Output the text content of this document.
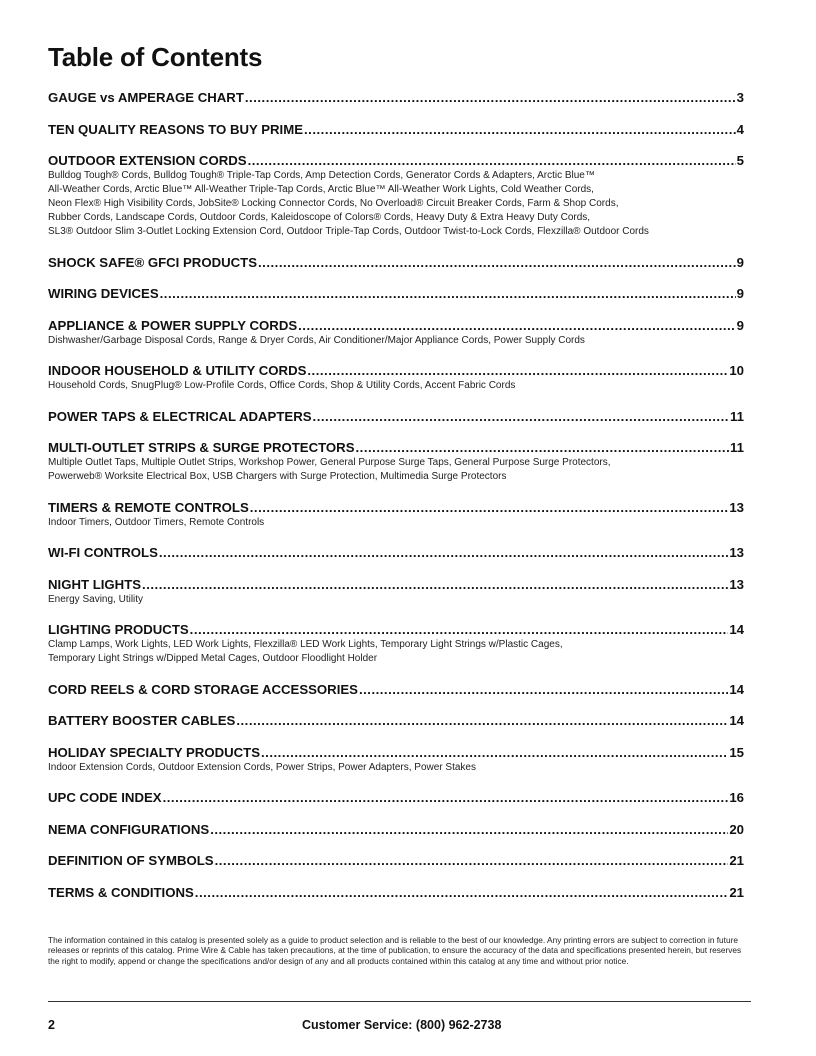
Table of Contents
GAUGE vs AMPERAGE CHART .....	3
TEN QUALITY REASONS TO BUY PRIME .....	4
OUTDOOR EXTENSION CORDS .....	5
Bulldog Tough® Cords, Bulldog Tough® Triple-Tap Cords, Amp Detection Cords, Generator Cords & Adapters, Arctic Blue™
All-Weather Cords, Arctic Blue™ All-Weather Triple-Tap Cords, Arctic Blue™ All-Weather Work Lights, Cold Weather Cords,
Neon Flex® High Visibility Cords, JobSite® Locking Connector Cords, No Overload® Circuit Breaker Cords, Farm & Shop Cords,
Rubber Cords, Landscape Cords, Outdoor Cords, Kaleidoscope of Colors® Cords, Heavy Duty & Extra Heavy Duty Cords,
SL3® Outdoor Slim 3-Outlet Locking Extension Cord, Outdoor Triple-Tap Cords, Outdoor Twist-to-Lock Cords, Flexzilla® Outdoor Cords
SHOCK SAFE® GFCI PRODUCTS .....	9
WIRING DEVICES .....	9
APPLIANCE & POWER SUPPLY CORDS .....	9
Dishwasher/Garbage Disposal Cords, Range & Dryer Cords, Air Conditioner/Major Appliance Cords, Power Supply Cords
INDOOR HOUSEHOLD & UTILITY CORDS .....	10
Household Cords, SnugPlug® Low-Profile Cords, Office Cords, Shop & Utility Cords, Accent Fabric Cords
POWER TAPS & ELECTRICAL ADAPTERS .....	11
MULTI-OUTLET STRIPS & SURGE PROTECTORS .....	11
Multiple Outlet Taps, Multiple Outlet Strips, Workshop Power, General Purpose Surge Taps, General Purpose Surge Protectors,
Powerweb® Worksite Electrical Box, USB Chargers with Surge Protection, Multimedia Surge Protectors
TIMERS & REMOTE CONTROLS .....	13
Indoor Timers, Outdoor Timers, Remote Controls
WI-FI CONTROLS .....	13
NIGHT LIGHTS .....	13
Energy Saving, Utility
LIGHTING PRODUCTS .....	14
Clamp Lamps, Work Lights, LED Work Lights, Flexzilla® LED Work Lights, Temporary Light Strings w/Plastic Cages,
Temporary Light Strings w/Dipped Metal Cages, Outdoor Floodlight Holder
CORD REELS & CORD STORAGE ACCESSORIES .....	14
BATTERY BOOSTER CABLES .....	14
HOLIDAY SPECIALTY PRODUCTS .....	15
Indoor Extension Cords, Outdoor Extension Cords, Power Strips, Power Adapters, Power Stakes
UPC CODE INDEX .....	16
NEMA CONFIGURATIONS .....	20
DEFINITION OF SYMBOLS .....	21
TERMS & CONDITIONS .....	21
The information contained in this catalog is presented solely as a guide to product selection and is reliable to the best of our knowledge. Any printing errors are subject to correction in future releases or reprints of this catalog. Prime Wire & Cable has taken precautions, at the time of publication, to ensure the accuracy of the data and specifications presented herein, but reserves the right to modify, append or change the specifications and/or design of any and all products contained within this catalog at any time and without prior notice.
2	Customer Service: (800) 962-2738
